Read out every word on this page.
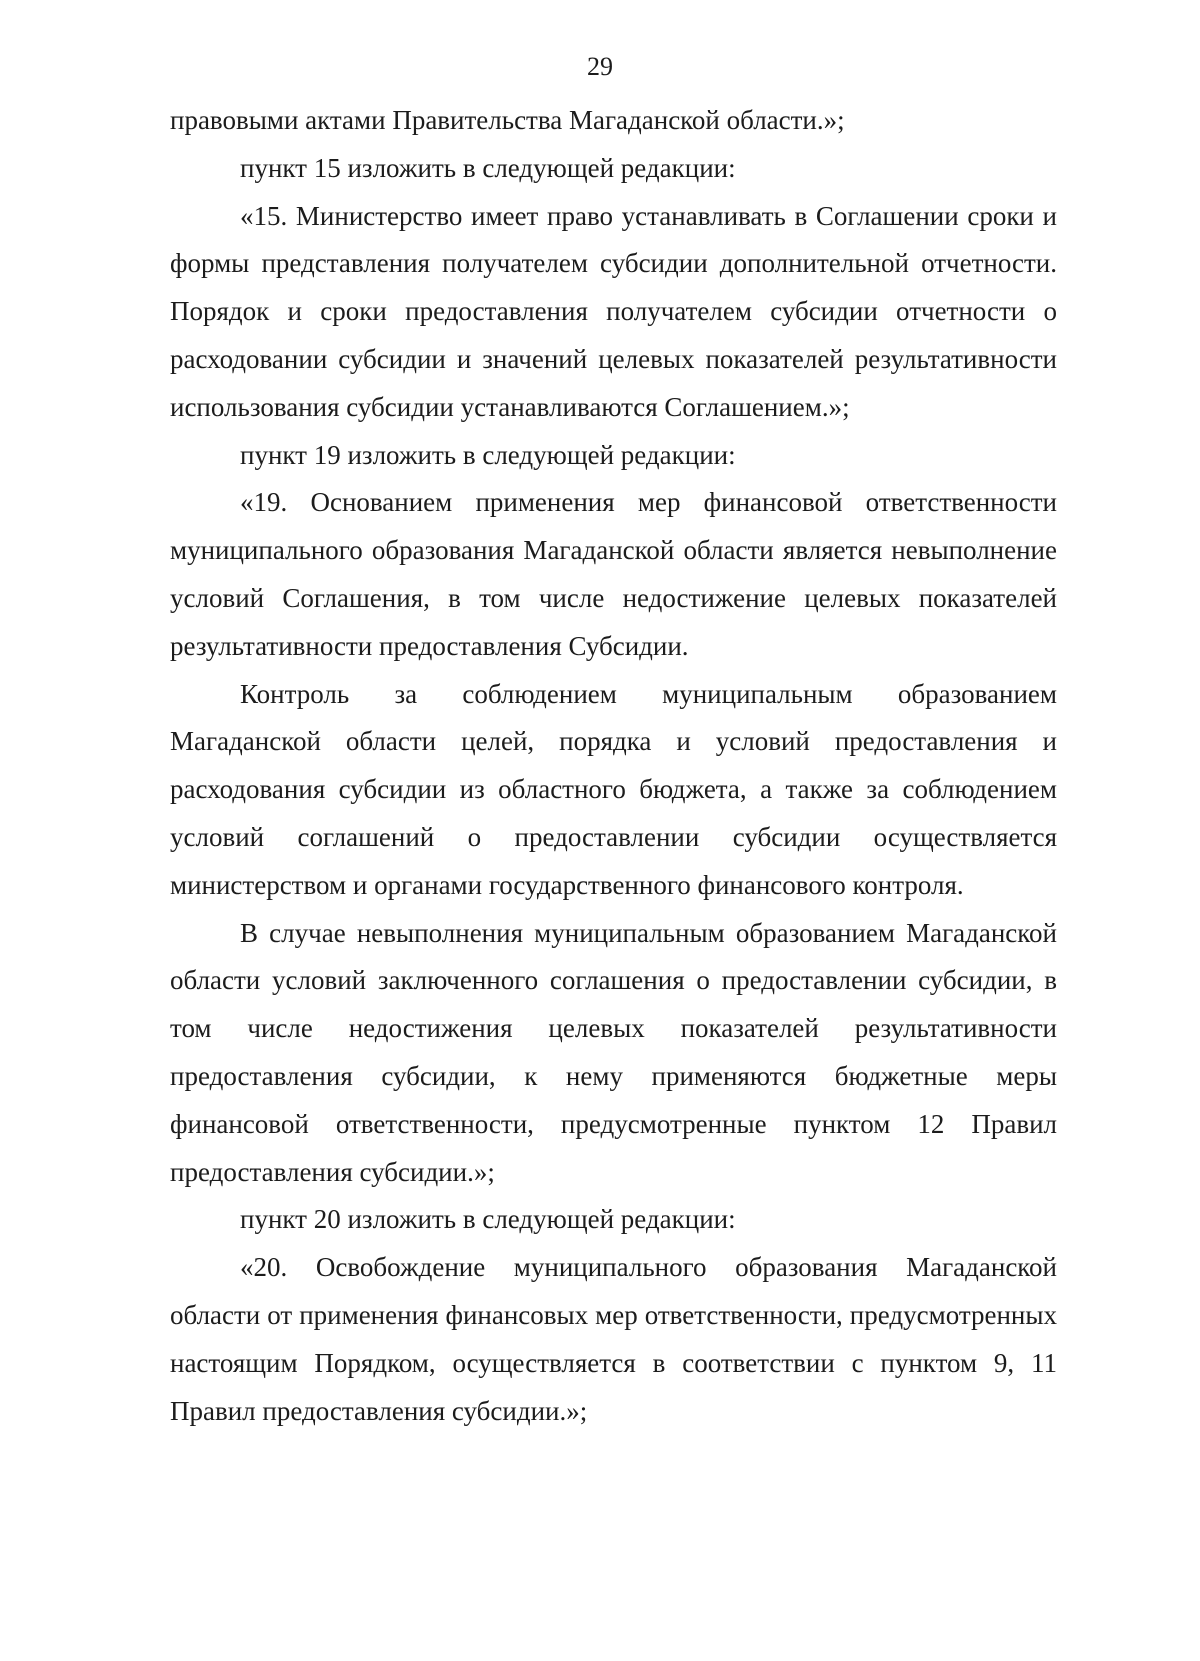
29

правовыми актами Правительства Магаданской области.»;

пункт 15 изложить в следующей редакции:

«15. Министерство имеет право устанавливать в Соглашении сроки и формы представления получателем субсидии дополнительной отчетности. Порядок и сроки предоставления получателем субсидии отчетности о расходовании субсидии и значений целевых показателей результативности использования субсидии устанавливаются Соглашением.»;

пункт 19 изложить в следующей редакции:

«19. Основанием применения мер финансовой ответственности муниципального образования Магаданской области является невыполнение условий Соглашения, в том числе недостижение целевых показателей результативности предоставления Субсидии.

Контроль за соблюдением муниципальным образованием Магаданской области целей, порядка и условий предоставления и расходования субсидии из областного бюджета, а также за соблюдением условий соглашений о предоставлении субсидии осуществляется министерством и органами государственного финансового контроля.

В случае невыполнения муниципальным образованием Магаданской области условий заключенного соглашения о предоставлении субсидии, в том числе недостижения целевых показателей результативности предоставления субсидии, к нему применяются бюджетные меры финансовой ответственности, предусмотренные пунктом 12 Правил предоставления субсидии.»;

пункт 20 изложить в следующей редакции:

«20. Освобождение муниципального образования Магаданской области от применения финансовых мер ответственности, предусмотренных настоящим Порядком, осуществляется в соответствии с пунктом 9, 11 Правил предоставления субсидии.»;
